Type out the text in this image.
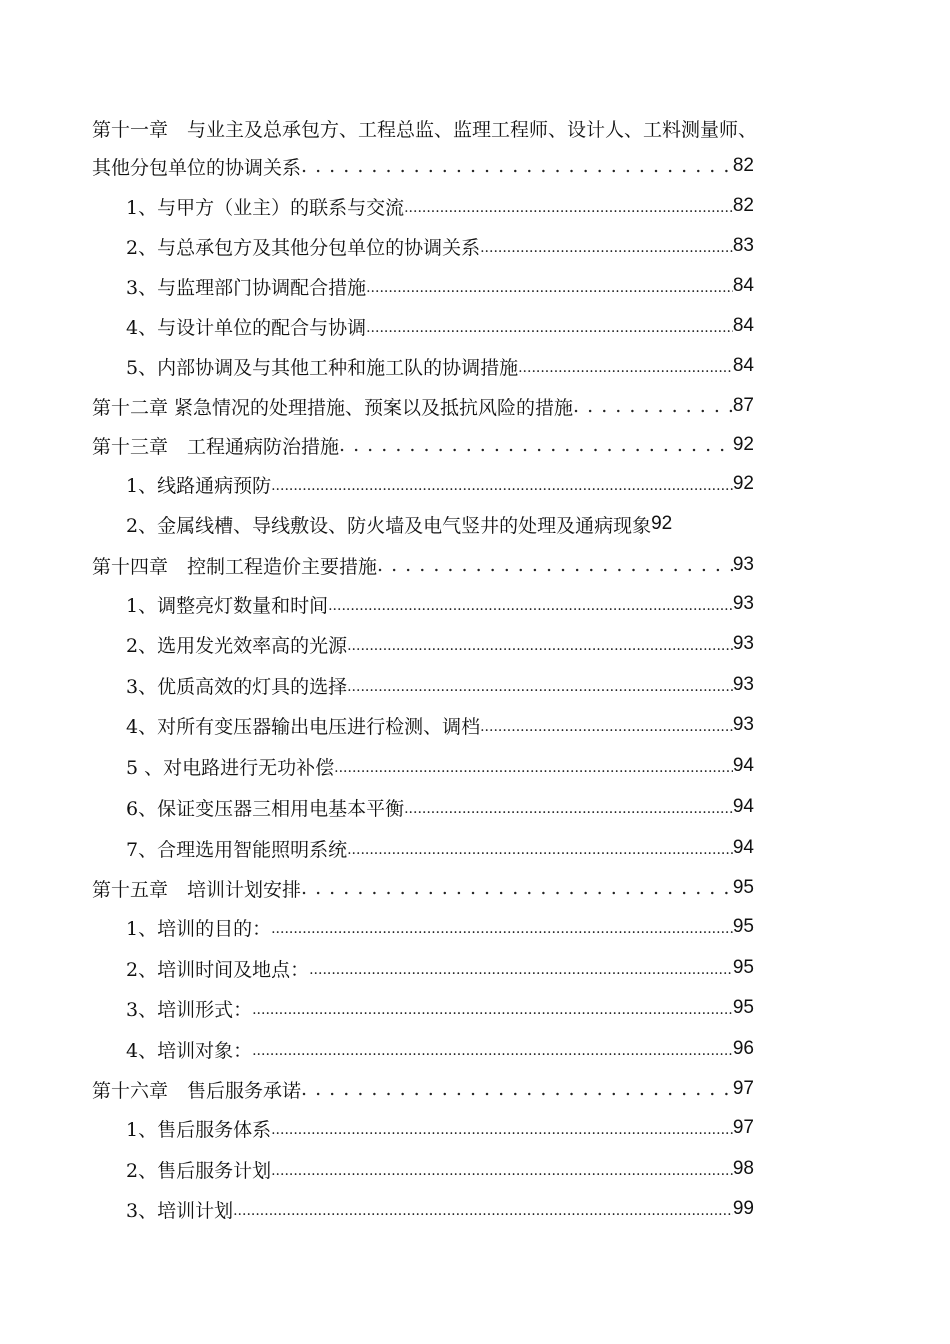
第十一章　与业主及总承包方、工程总监、监理工程师、设计人、工料测量师、
其他分包单位的协调关系 . . .	82
1、与甲方（业主）的联系与交流 .....	82
2、与总承包方及其他分包单位的协调关系 .....	83
3、与监理部门协调配合措施 .....	84
4、与设计单位的配合与协调 .....	84
5、内部协调及与其他工种和施工队的协调措施 .....	84
第十二章 紧急情况的处理措施、预案以及抵抗风险的措施 . . .	87
第十三章　工程通病防治措施 . . .	92
1、线路通病预防 .....	92
2、金属线槽、导线敷设、防火墙及电气竖井的处理及通病现象 92
第十四章　控制工程造价主要措施 . . .	93
1、调整亮灯数量和时间 .....	93
2、选用发光效率高的光源 .....	93
3、优质高效的灯具的选择 .....	93
4、对所有变压器输出电压进行检测、调档 .....	93
5 、对电路进行无功补偿 .....	94
6、保证变压器三相用电基本平衡 .....	94
7、合理选用智能照明系统 .....	94
第十五章　培训计划安排 . . .	95
1、培训的目的： .....	95
2、培训时间及地点： .....	95
3、培训形式： .....	95
4、培训对象： .....	96
第十六章　售后服务承诺 . . .	97
1、售后服务体系 .....	97
2、售后服务计划 .....	98
3、培训计划 .....	99
